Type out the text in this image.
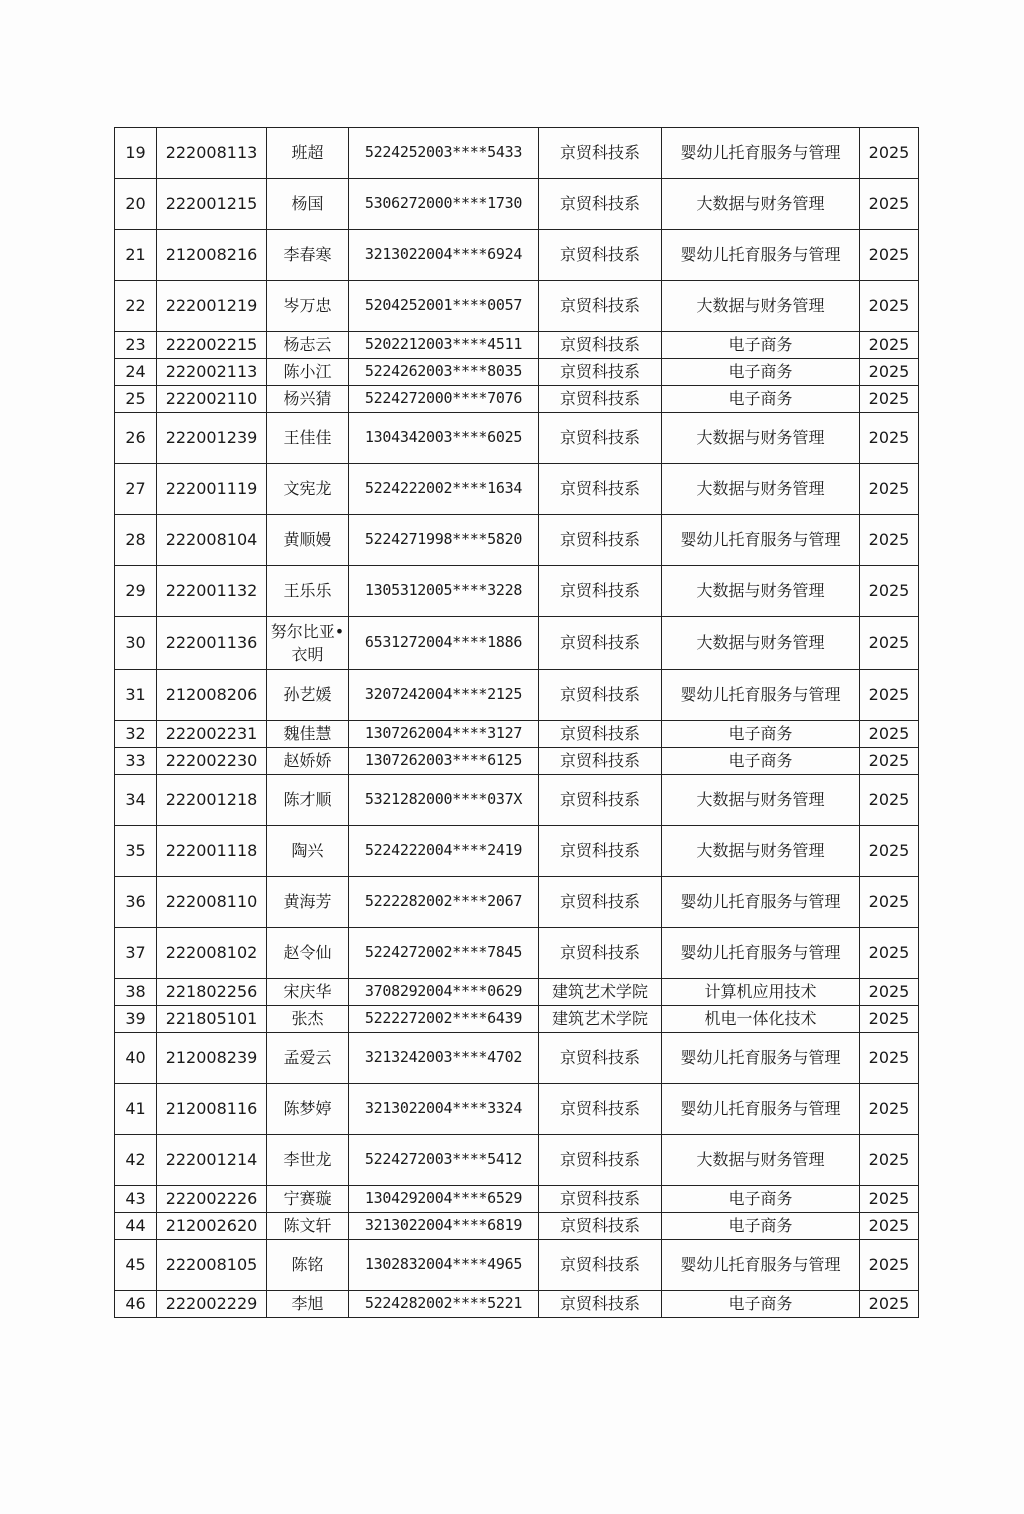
19	222008113	班超	5224252003****5433	京贸科技系	婴幼儿托育服务与管理	2025
20	222001215	杨国	5306272000****1730	京贸科技系	大数据与财务管理	2025
21	212008216	李春寒	3213022004****6924	京贸科技系	婴幼儿托育服务与管理	2025
22	222001219	岑万忠	5204252001****0057	京贸科技系	大数据与财务管理	2025
23	222002215	杨志云	5202212003****4511	京贸科技系	电子商务	2025
24	222002113	陈小江	5224262003****8035	京贸科技系	电子商务	2025
25	222002110	杨兴猜	5224272000****7076	京贸科技系	电子商务	2025
26	222001239	王佳佳	1304342003****6025	京贸科技系	大数据与财务管理	2025
27	222001119	文宪龙	5224222002****1634	京贸科技系	大数据与财务管理	2025
28	222008104	黄顺嫚	5224271998****5820	京贸科技系	婴幼儿托育服务与管理	2025
29	222001132	王乐乐	1305312005****3228	京贸科技系	大数据与财务管理	2025
30	222001136	努尔比亚•衣明	6531272004****1886	京贸科技系	大数据与财务管理	2025
31	212008206	孙艺媛	3207242004****2125	京贸科技系	婴幼儿托育服务与管理	2025
32	222002231	魏佳慧	1307262004****3127	京贸科技系	电子商务	2025
33	222002230	赵娇娇	1307262003****6125	京贸科技系	电子商务	2025
34	222001218	陈才顺	5321282000****037X	京贸科技系	大数据与财务管理	2025
35	222001118	陶兴	5224222004****2419	京贸科技系	大数据与财务管理	2025
36	222008110	黄海芳	5222282002****2067	京贸科技系	婴幼儿托育服务与管理	2025
37	222008102	赵令仙	5224272002****7845	京贸科技系	婴幼儿托育服务与管理	2025
38	221802256	宋庆华	3708292004****0629	建筑艺术学院	计算机应用技术	2025
39	221805101	张杰	5222272002****6439	建筑艺术学院	机电一体化技术	2025
40	212008239	孟爱云	3213242003****4702	京贸科技系	婴幼儿托育服务与管理	2025
41	212008116	陈梦婷	3213022004****3324	京贸科技系	婴幼儿托育服务与管理	2025
42	222001214	李世龙	5224272003****5412	京贸科技系	大数据与财务管理	2025
43	222002226	宁赛璇	1304292004****6529	京贸科技系	电子商务	2025
44	212002620	陈文轩	3213022004****6819	京贸科技系	电子商务	2025
45	222008105	陈铭	1302832004****4965	京贸科技系	婴幼儿托育服务与管理	2025
46	222002229	李旭	5224282002****5221	京贸科技系	电子商务	2025
